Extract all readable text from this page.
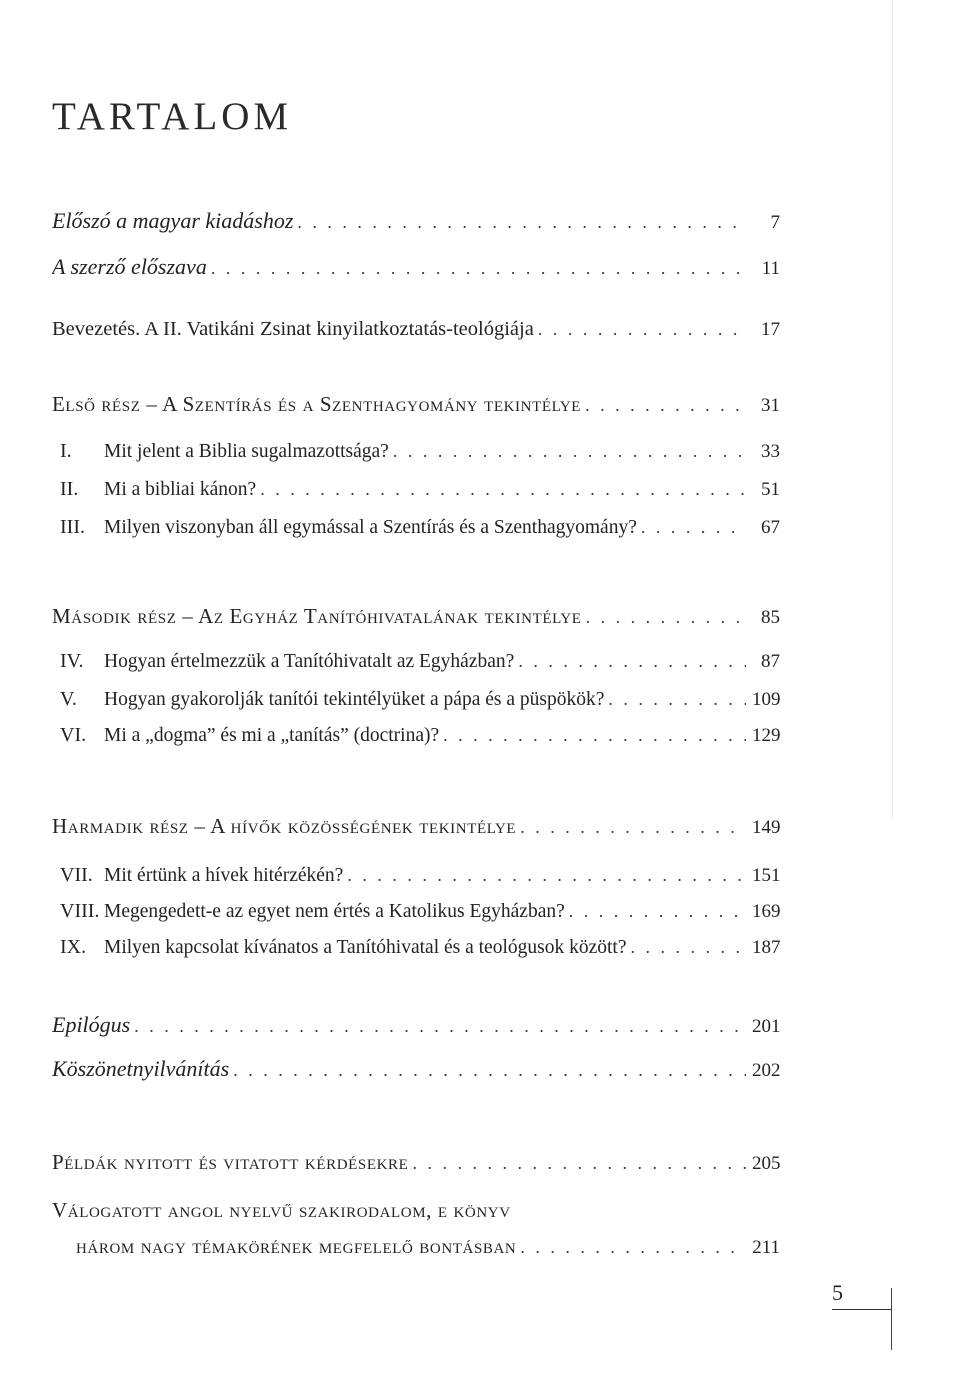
TARTALOM
Előszó a magyar kiadáshoz . . .	7
A szerző előszava . . .	11
Bevezetés. A II. Vatikáni Zsinat kinyilatkoztatás-teológiája . . .	17
Első rész – A Szentírás és a Szenthagyomány tekintélye . . .	31
I.	Mit jelent a Biblia sugalmazottsága? . . .	33
II.	Mi a bibliai kánon? . . .	51
III. Milyen viszonyban áll egymással a Szentírás és a Szenthagyomány? . . .	67
Második rész – Az Egyház Tanítóhivatalának tekintélye . . .	85
IV.	Hogyan értelmezzük a Tanítóhivatalt az Egyházban? . . .	87
V.	Hogyan gyakorolják tanítói tekintélyüket a pápa és a püspökök? . . .	109
VI. Mi a „dogma” és mi a „tanítás” (doctrina)? . . .	129
Harmadik rész – A hívők közösségének tekintélye . . .	149
VII. Mit értünk a hívek hitérzékén? . . .	151
VIII. Megengedett-e az egyet nem értés a Katolikus Egyházban? . . .	169
IX. Milyen kapcsolat kívánatos a Tanítóhivatal és a teológusok között? . . .	187
Epilógus . . .	201
Köszönetnyilvánítás . . .	202
Példák nyitott és vitatott kérdésekre . . .	205
Válogatott angol nyelvű szakirodalom, e könyv
három nagy témakörének megfelelő bontásban . . .	211
5
